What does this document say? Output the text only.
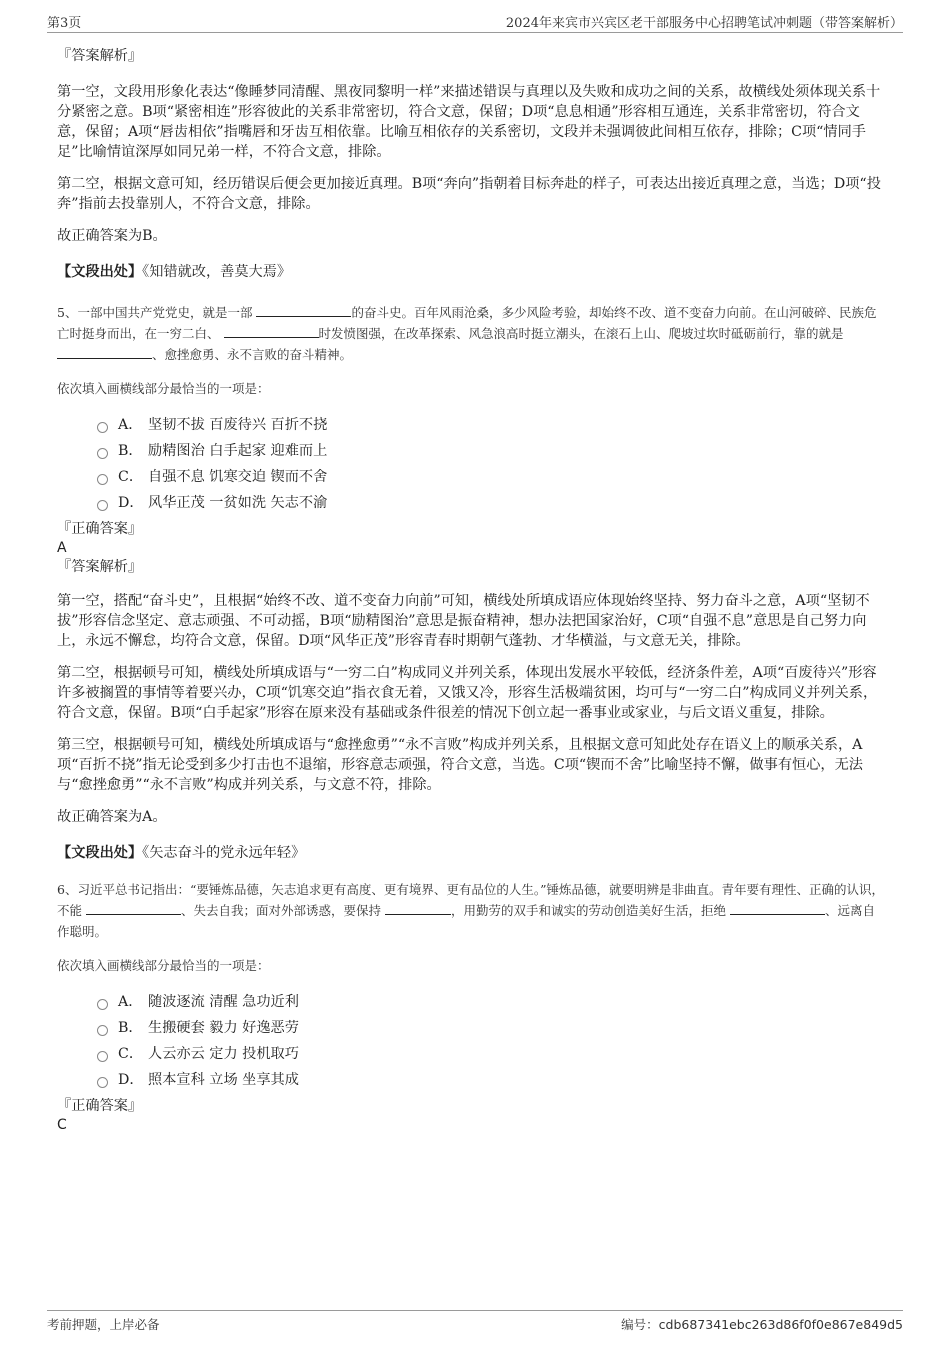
第3页	2024年来宾市兴宾区老干部服务中心招聘笔试冲刺题（带答案解析）
『答案解析』

第一空，文段用形象化表达“像睡梦同清醒、黑夜同黎明一样”来描述错误与真理以及失败和成功之间的关系，故横线处须体现关系十分紧密之意。B项“紧密相连”形容彼此的关系非常密切，符合文意，保留；D项“息息相通”形容相互通连，关系非常密切，符合文意，保留；A项“唇齿相依”指嘴唇和牙齿互相依靠。比喻互相依存的关系密切，文段并未强调彼此间相互依存，排除；C项“情同手足”比喻情谊深厚如同兄弟一样，不符合文意，排除。

第二空，根据文意可知，经历错误后便会更加接近真理。B项“奔向”指朝着目标奔赴的样子，可表达出接近真理之意，当选；D项“投奔”指前去投靠别人，不符合文意，排除。

故正确答案为B。

【文段出处】《知错就改，善莫大焉》

5、一部中国共产党党史，就是一部	的奋斗史。百年风雨沧桑，多少风险考验，却始终不改、道不变奋力向前。在山河破碎、民族危亡时挺身而出，在一穷二白、	时发愤图强，在改革探索、风急浪高时挺立潮头，在滚石上山、爬坡过坎时砥砺前行，靠的就是 、愈挫愈勇、永不言败的奋斗精神。

依次填入画横线部分最恰当的一项是：

A． 坚韧不拔 百废待兴 百折不挠
B． 励精图治 白手起家 迎难而上
C． 自强不息 饥寒交迫 锲而不舍
D． 风华正茂 一贫如洗 矢志不渝
『正确答案』
A
『答案解析』

第一空，搭配“奋斗史”，且根据“始终不改、道不变奋力向前”可知，横线处所填成语应体现始终坚持、努力奋斗之意，A项“坚韧不拔”形容信念坚定、意志顽强、不可动摇，B项“励精图治”意思是振奋精神，想办法把国家治好，C项“自强不息”意思是自己努力向上，永远不懈怠，均符合文意，保留。D项“风华正茂”形容青春时期朝气蓬勃、才华横溢，与文意无关，排除。

第二空，根据顿号可知，横线处所填成语与“一穷二白”构成同义并列关系，体现出发展水平较低，经济条件差，A项“百废待兴”形容许多被搁置的事情等着要兴办，C项“饥寒交迫”指衣食无着，又饿又冷，形容生活极端贫困，均可与“一穷二白”构成同义并列关系，符合文意，保留。B项“白手起家”形容在原来没有基础或条件很差的情况下创立起一番事业或家业，与后文语义重复，排除。

第三空，根据顿号可知，横线处所填成语与“愈挫愈勇”“永不言败”构成并列关系，且根据文意可知此处存在语义上的顺承关系，A项“百折不挠”指无论受到多少打击也不退缩，形容意志顽强，符合文意，当选。C项“锲而不舍”比喻坚持不懈，做事有恒心，无法与“愈挫愈勇”“永不言败”构成并列关系，与文意不符，排除。

故正确答案为A。

【文段出处】《矢志奋斗的党永远年轻》

6、习近平总书记指出：“要锤炼品德，矢志追求更有高度、更有境界、更有品位的人生。”锤炼品德，就要明辨是非曲直。青年要有理性、正确的认识，不能	、失去自我；面对外部诱惑，要保持	，用勤劳的双手和诚实的劳动创造美好生活，拒绝	、远离自作聪明。

依次填入画横线部分最恰当的一项是：

A． 随波逐流 清醒 急功近利
B． 生搬硬套 毅力 好逸恶劳
C． 人云亦云 定力 投机取巧
D． 照本宣科 立场 坐享其成
『正确答案』
C
考前押题，上岸必备	编号：cdb687341ebc263d86f0f0e867e849d5
